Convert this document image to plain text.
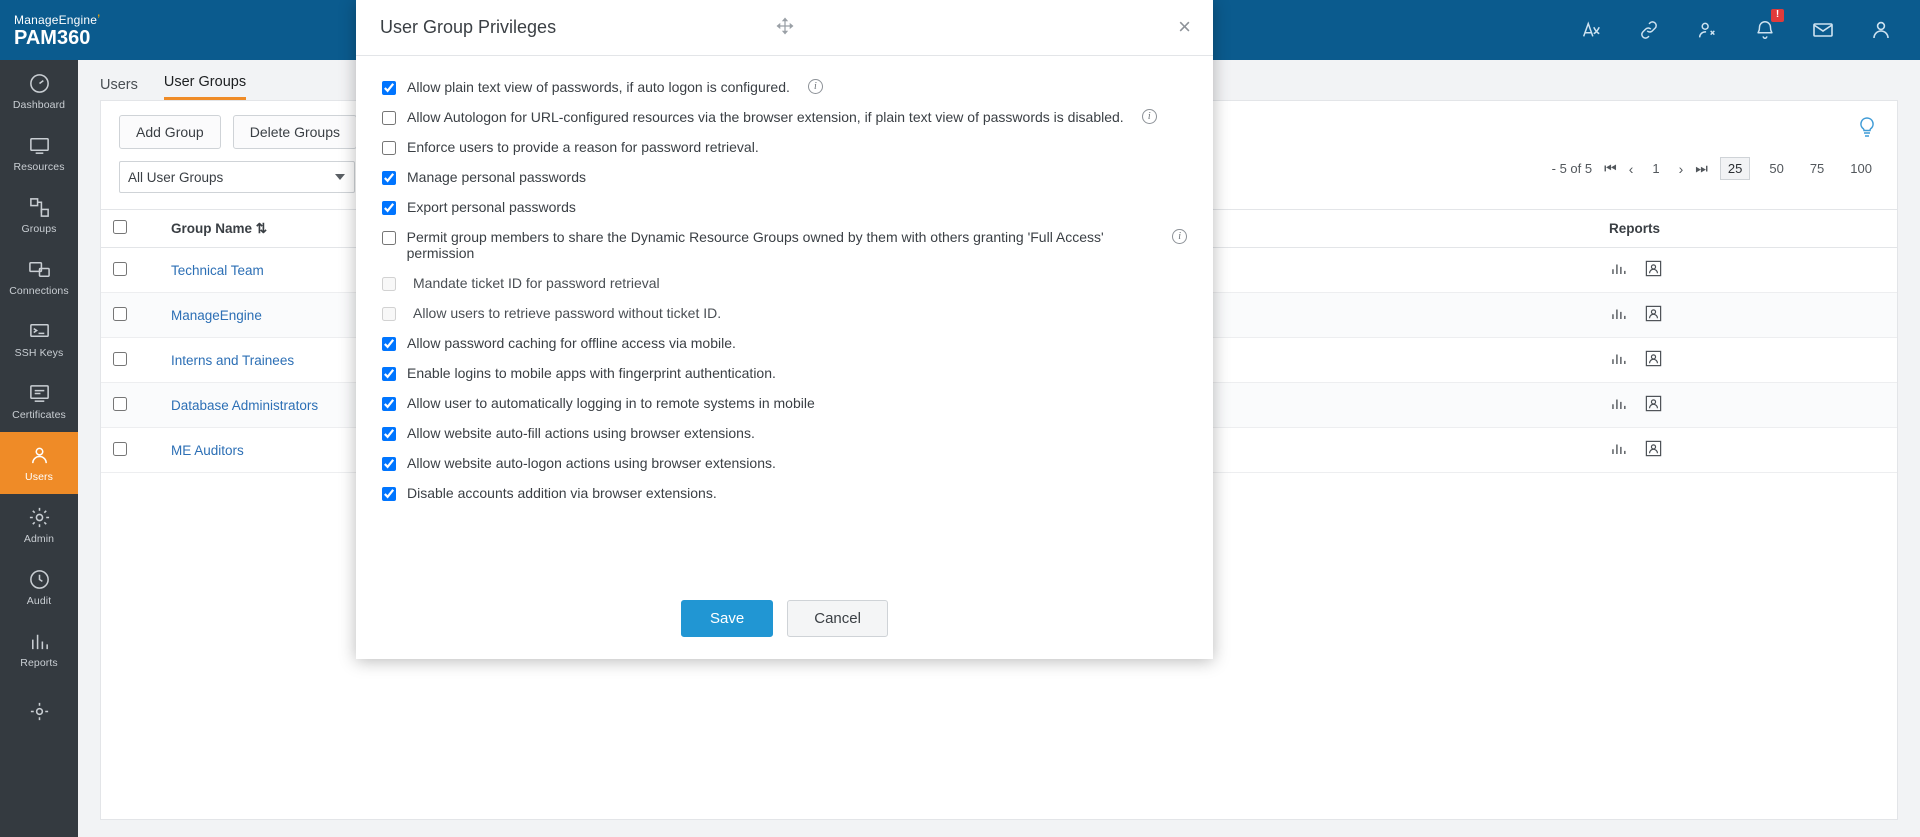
ManageEngine’
PAM360
!
Dashboard
Resources
Groups
Connections
SSH Keys
Certificates
Users
Admin
Audit
Reports
Users User Groups
Add Group	Delete Groups
All User Groups
- 5 of 5 ⏮ ‹	1	› ⏭	25	50	75	100
	Group Name ⇅		Reports
	Technical Team		
	ManageEngine		
	Interns and Trainees		
	Database Administrators		
	ME Auditors		
User Group Privileges	×
Allow plain text view of passwords, if auto logon is configured.	i
Allow Autologon for URL-configured resources via the browser extension, if plain text view of passwords is disabled.	i
Enforce users to provide a reason for password retrieval.
Manage personal passwords
Export personal passwords
Permit group members to share the Dynamic Resource Groups owned by them with others granting 'Full Access' permission
i
Mandate ticket ID for password retrieval
Allow users to retrieve password without ticket ID.
Allow password caching for offline access via mobile.
Enable logins to mobile apps with fingerprint authentication.
Allow user to automatically logging in to remote systems in mobile
Allow website auto-fill actions using browser extensions.
Allow website auto-logon actions using browser extensions.
Disable accounts addition via browser extensions.
Save	Cancel
